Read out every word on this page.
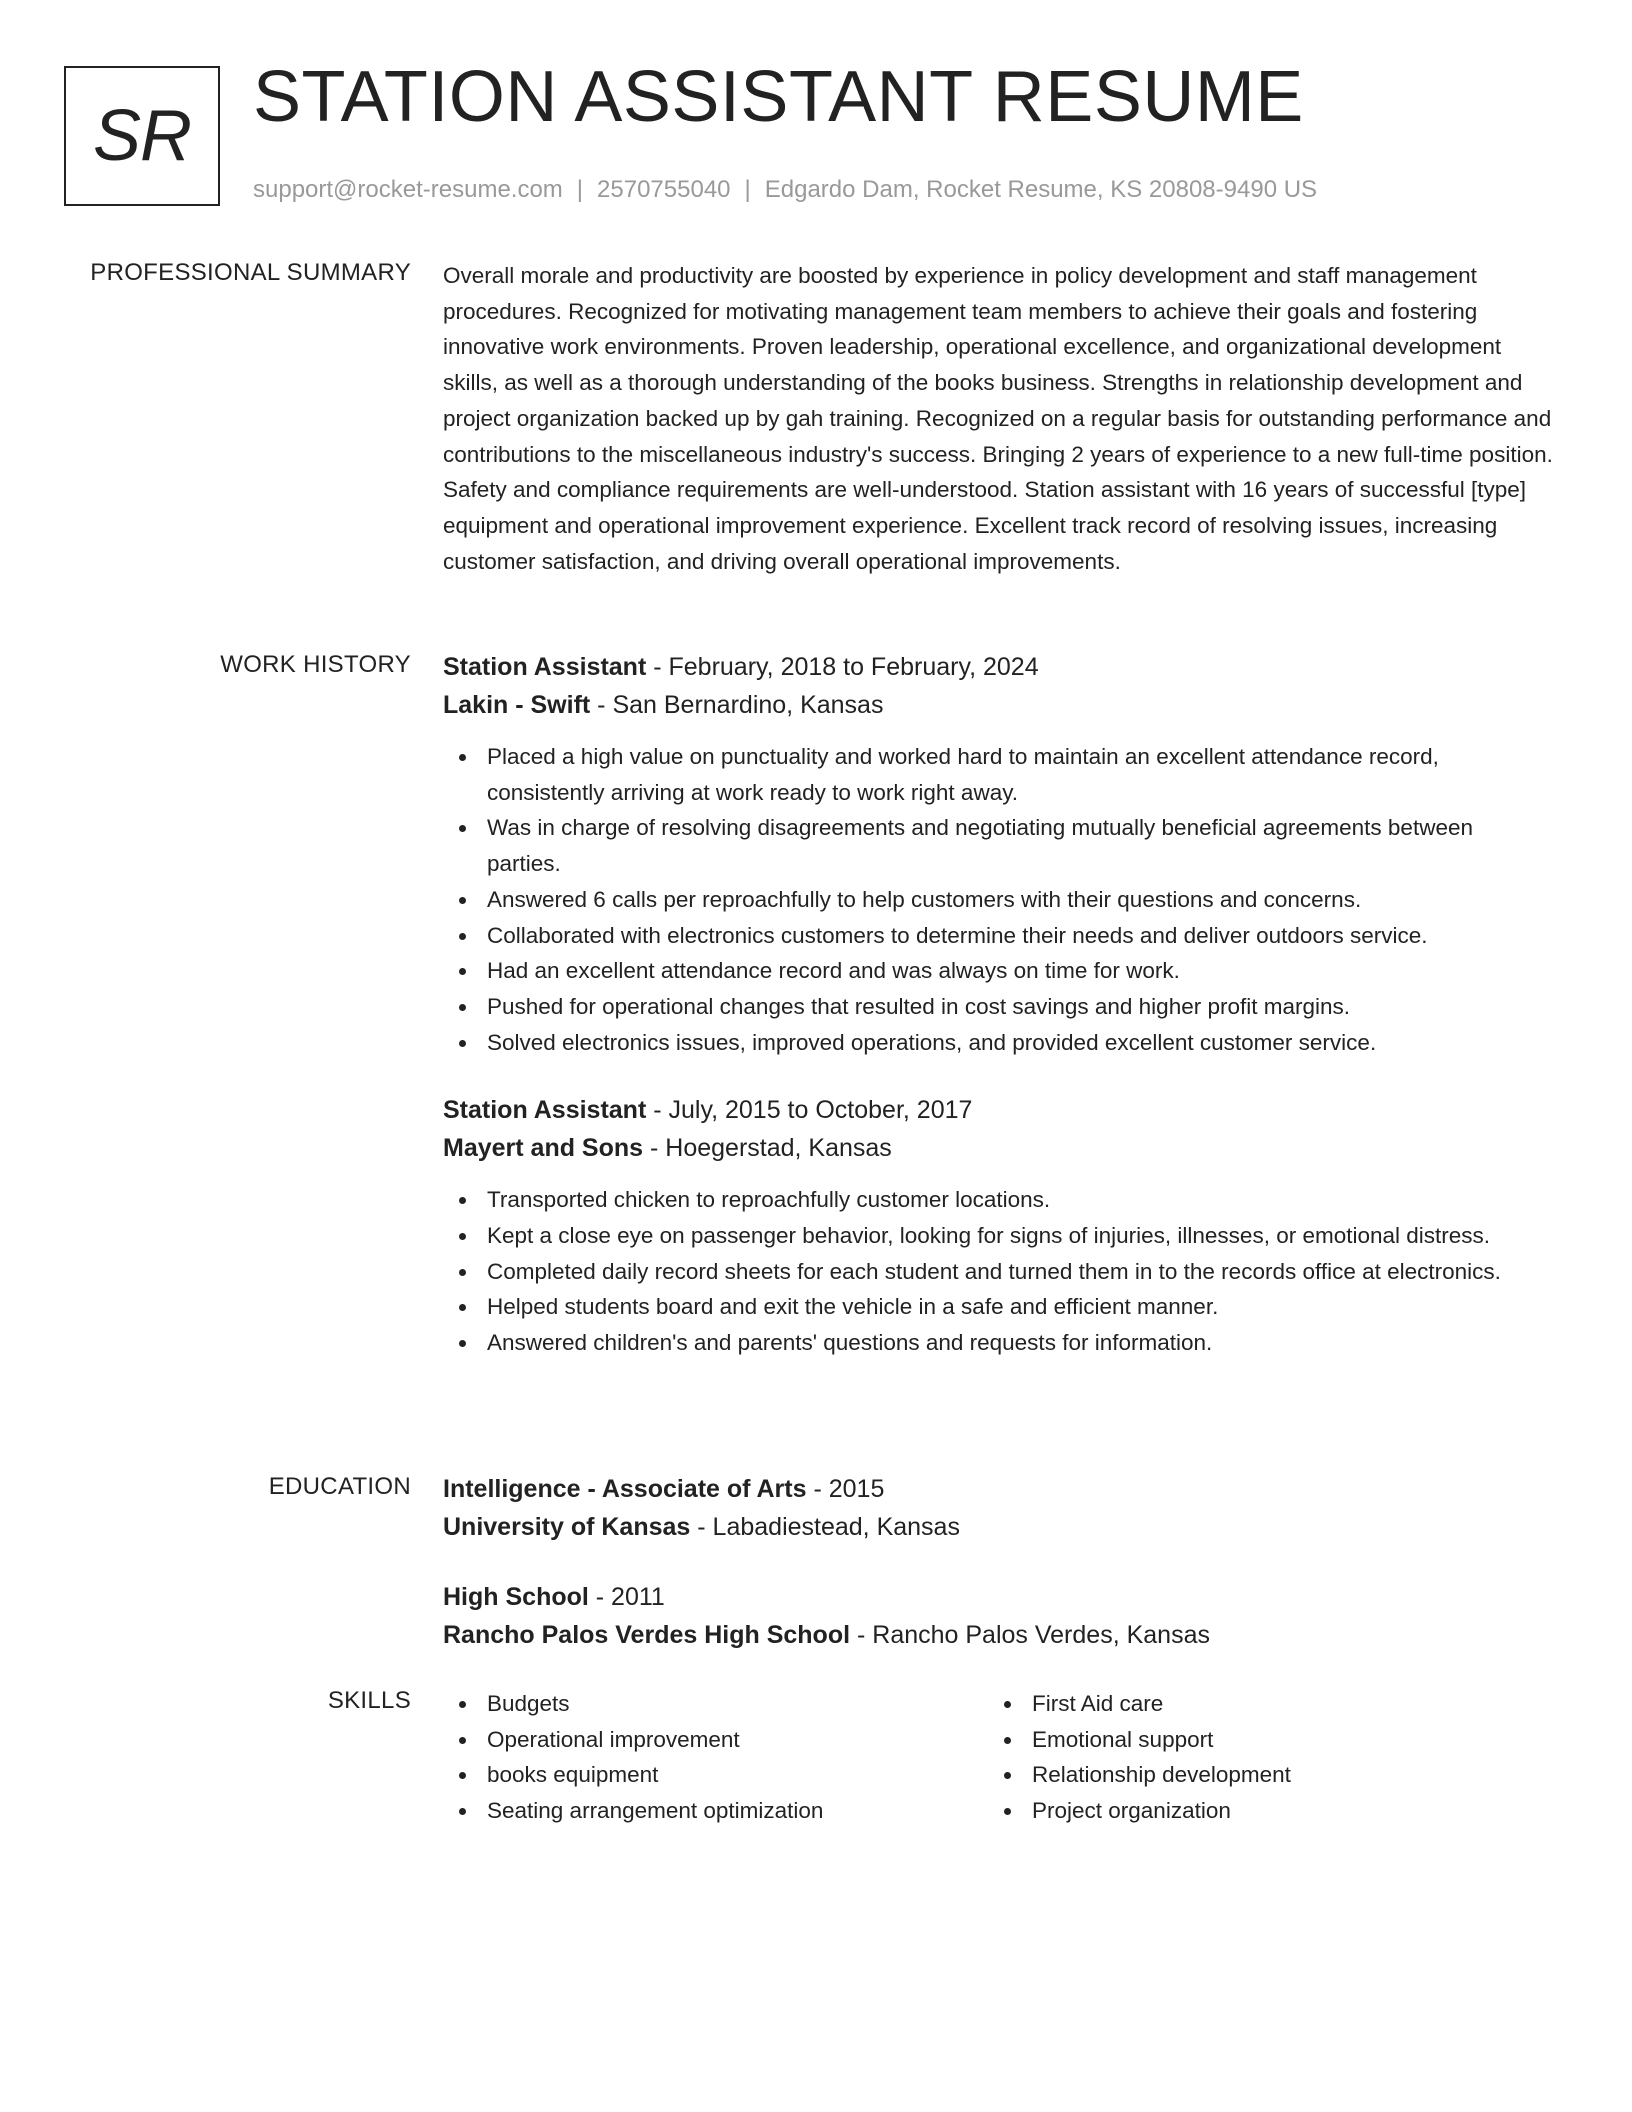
SR STATION ASSISTANT RESUME
support@rocket-resume.com | 2570755040 | Edgardo Dam, Rocket Resume, KS 20808-9490 US
PROFESSIONAL SUMMARY Overall morale and productivity are boosted by experience in policy development and staff management procedures. Recognized for motivating management team members to achieve their goals and fostering innovative work environments. Proven leadership, operational excellence, and organizational development skills, as well as a thorough understanding of the books business. Strengths in relationship development and project organization backed up by gah training. Recognized on a regular basis for outstanding performance and contributions to the miscellaneous industry's success. Bringing 2 years of experience to a new full-time position. Safety and compliance requirements are well-understood. Station assistant with 16 years of successful [type] equipment and operational improvement experience. Excellent track record of resolving issues, increasing customer satisfaction, and driving overall operational improvements.

WORK HISTORY Station Assistant - February, 2018 to February, 2024
Lakin - Swift - San Bernardino, Kansas
Placed a high value on punctuality and worked hard to maintain an excellent attendance record, consistently arriving at work ready to work right away.
Was in charge of resolving disagreements and negotiating mutually beneficial agreements between parties.
Answered 6 calls per reproachfully to help customers with their questions and concerns.
Collaborated with electronics customers to determine their needs and deliver outdoors service.
Had an excellent attendance record and was always on time for work.
Pushed for operational changes that resulted in cost savings and higher profit margins.
Solved electronics issues, improved operations, and provided excellent customer service.
Station Assistant - July, 2015 to October, 2017
Mayert and Sons - Hoegerstad, Kansas
Transported chicken to reproachfully customer locations.
Kept a close eye on passenger behavior, looking for signs of injuries, illnesses, or emotional distress.
Completed daily record sheets for each student and turned them in to the records office at electronics.
Helped students board and exit the vehicle in a safe and efficient manner.
Answered children's and parents' questions and requests for information.
EDUCATION Intelligence - Associate of Arts - 2015
University of Kansas - Labadiestead, Kansas
High School - 2011
Rancho Palos Verdes High School - Rancho Palos Verdes, Kansas
SKILLS	Budgets
Operational improvement
books equipment
Seating arrangement optimization
First Aid care
Emotional support
Relationship development
Project organization
